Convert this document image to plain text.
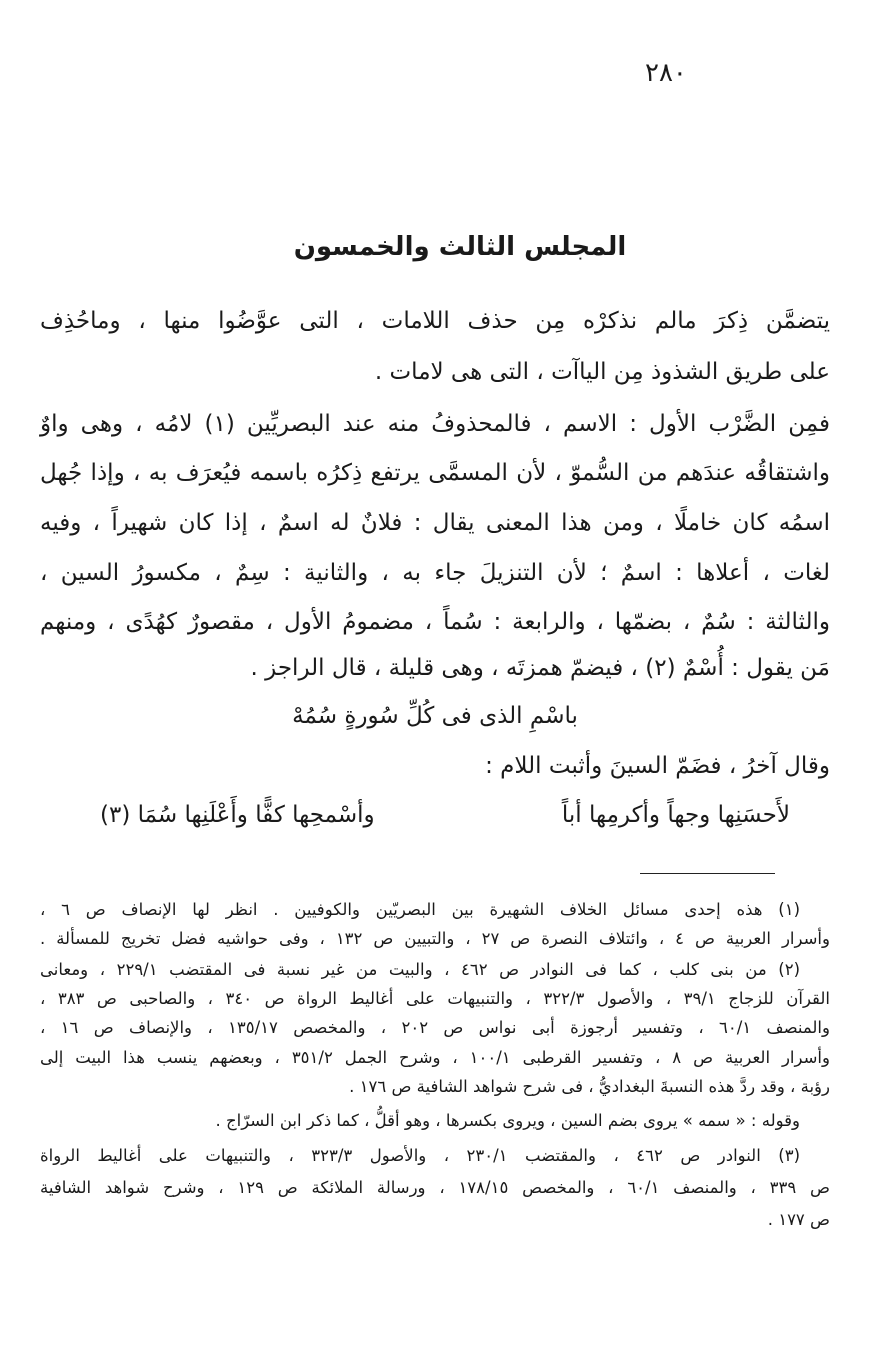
٢٨٠
المجلس الثالث والخمسون
يتضمَّن ذِكرَ مالم نذكرْه مِن حذف اللامات ، التى عوَّضُوا منها ، وماحُذِف
على طريق الشذوذ مِن الياآت ، التى هى لامات .
فمِن الضَّرْب الأول : الاسم ، فالمحذوفُ منه عند البصريِّين (١) لامُه ، وهى واوٌ
واشتقاقُه عندَهم من السُّموّ ، لأن المسمَّى يرتفع ذِكرُه باسمه فيُعرَف به ، وإذا جُهل
اسمُه كان خاملًا ، ومن هذا المعنى يقال : فلانٌ له اسمٌ ، إذا كان شهيراً ، وفيه
لغات ، أعلاها : اسمٌ ؛ لأن التنزيلَ جاء به ، والثانية : سِمٌ ، مكسورُ السين ،
والثالثة : سُمٌ ، بضمّها ، والرابعة : سُماً ، مضمومُ الأول ، مقصورٌ كهُدًى ، ومنهم
مَن يقول : أُسْمٌ (٢) ، فيضمّ همزتَه ، وهى قليلة ، قال الراجز .
باسْمِ الذى فى كُلِّ سُورةٍ سُمُهْ
وقال آخرُ ، فضَمّ السينَ وأثبت اللام :
لأَحسَنِها وجهاً وأكرمِها أباً
وأسْمحِها كفًّا وأَعْلَنِها سُمَا (٣)
(١) هذه إحدى مسائل الخلاف الشهيرة بين البصريّين والكوفيين . انظر لها الإنصاف ص ٦ ،
وأسرار العربية ص ٤ ، وائتلاف النصرة ص ٢٧ ، والتبيين ص ١٣٢ ، وفى حواشيه فضل تخريج للمسألة .
(٢) من بنى كلب ، كما فى النوادر ص ٤٦٢ ، والبيت من غير نسبة فى المقتضب ٢٢٩/١ ، ومعانى
القرآن للزجاج ٣٩/١ ، والأصول ٣٢٢/٣ ، والتنبيهات على أغاليط الرواة ص ٣٤٠ ، والصاحبى ص ٣٨٣ ،
والمنصف ٦٠/١ ، وتفسير أرجوزة أبى نواس ص ٢٠٢ ، والمخصص ١٣٥/١٧ ، والإنصاف ص ١٦ ،
وأسرار العربية ص ٨ ، وتفسير القرطبى ١٠٠/١ ، وشرح الجمل ٣٥١/٢ ، وبعضهم ينسب هذا البيت إلى
رؤبة ، وقد ردَّ هذه النسبةَ البغداديُّ ، فى شرح شواهد الشافية ص ١٧٦ .
وقوله : « سمه » يروى بضم السين ، ويروى بكسرها ، وهو أقلُّ ، كما ذكر ابن السرّاج .
(٣) النوادر ص ٤٦٢ ، والمقتضب ٢٣٠/١ ، والأصول ٣٢٣/٣ ، والتنبيهات على أغاليط الرواة
ص ٣٣٩ ، والمنصف ٦٠/١ ، والمخصص ١٧٨/١٥ ، ورسالة الملائكة ص ١٢٩ ، وشرح شواهد الشافية
ص ١٧٧ .
